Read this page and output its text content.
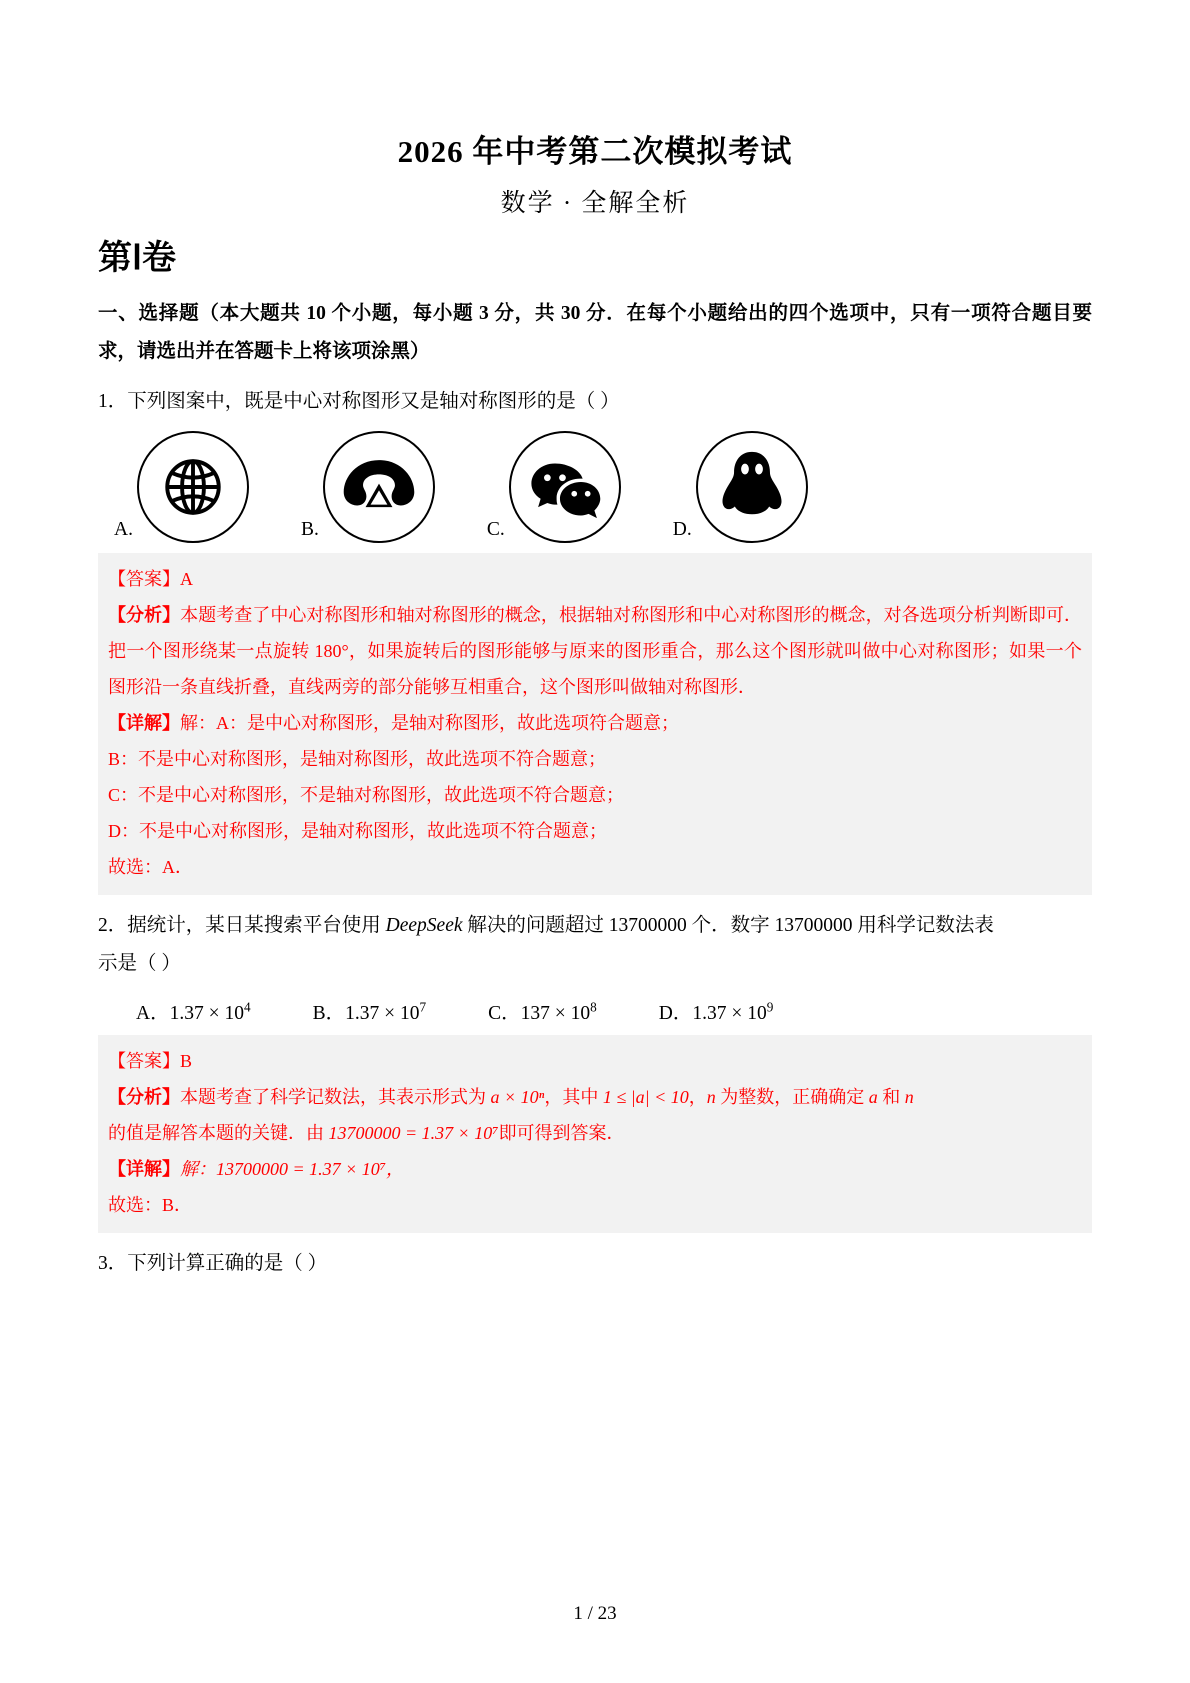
2026 年中考第二次模拟考试
数学 · 全解全析
第Ⅰ卷
一、选择题（本大题共 10 个小题，每小题 3 分，共 30 分．在每个小题给出的四个选项中，只有一项符合题目要求，请选出并在答题卡上将该项涂黑）
1．下列图案中，既是中心对称图形又是轴对称图形的是（ ）
A.	B.	C.	D.

【答案】A

【分析】本题考查了中心对称图形和轴对称图形的概念，根据轴对称图形和中心对称图形的概念，对各选项分析判断即可．把一个图形绕某一点旋转 180°，如果旋转后的图形能够与原来的图形重合，那么这个图形就叫做中心对称图形；如果一个图形沿一条直线折叠，直线两旁的部分能够互相重合，这个图形叫做轴对称图形．

【详解】解：A：是中心对称图形，是轴对称图形，故此选项符合题意；

B：不是中心对称图形，是轴对称图形，故此选项不符合题意；

C：不是中心对称图形，不是轴对称图形，故此选项不符合题意；

D：不是中心对称图形，是轴对称图形，故此选项不符合题意；

故选：A．

2．据统计，某日某搜索平台使用 DeepSeek 解决的问题超过 13700000 个．数字 13700000 用科学记数法表
示是（ ）
A．$1.37 \times 10^4$	B．$1.37 \times 10^7$	C．$137 \times 10^8$	D．$1.37 \times 10^9$

【答案】B

【分析】本题考查了科学记数法，其表示形式为 a × 10ⁿ，其中 1 ≤ |a| < 10，n 为整数，正确确定 a 和 n

的值是解答本题的关键．由 13700000 = 1.37 × 10⁷即可得到答案．

【详解】解：13700000 = 1.37 × 10⁷，

故选：B．

3．下列计算正确的是（ ）
1 / 23
